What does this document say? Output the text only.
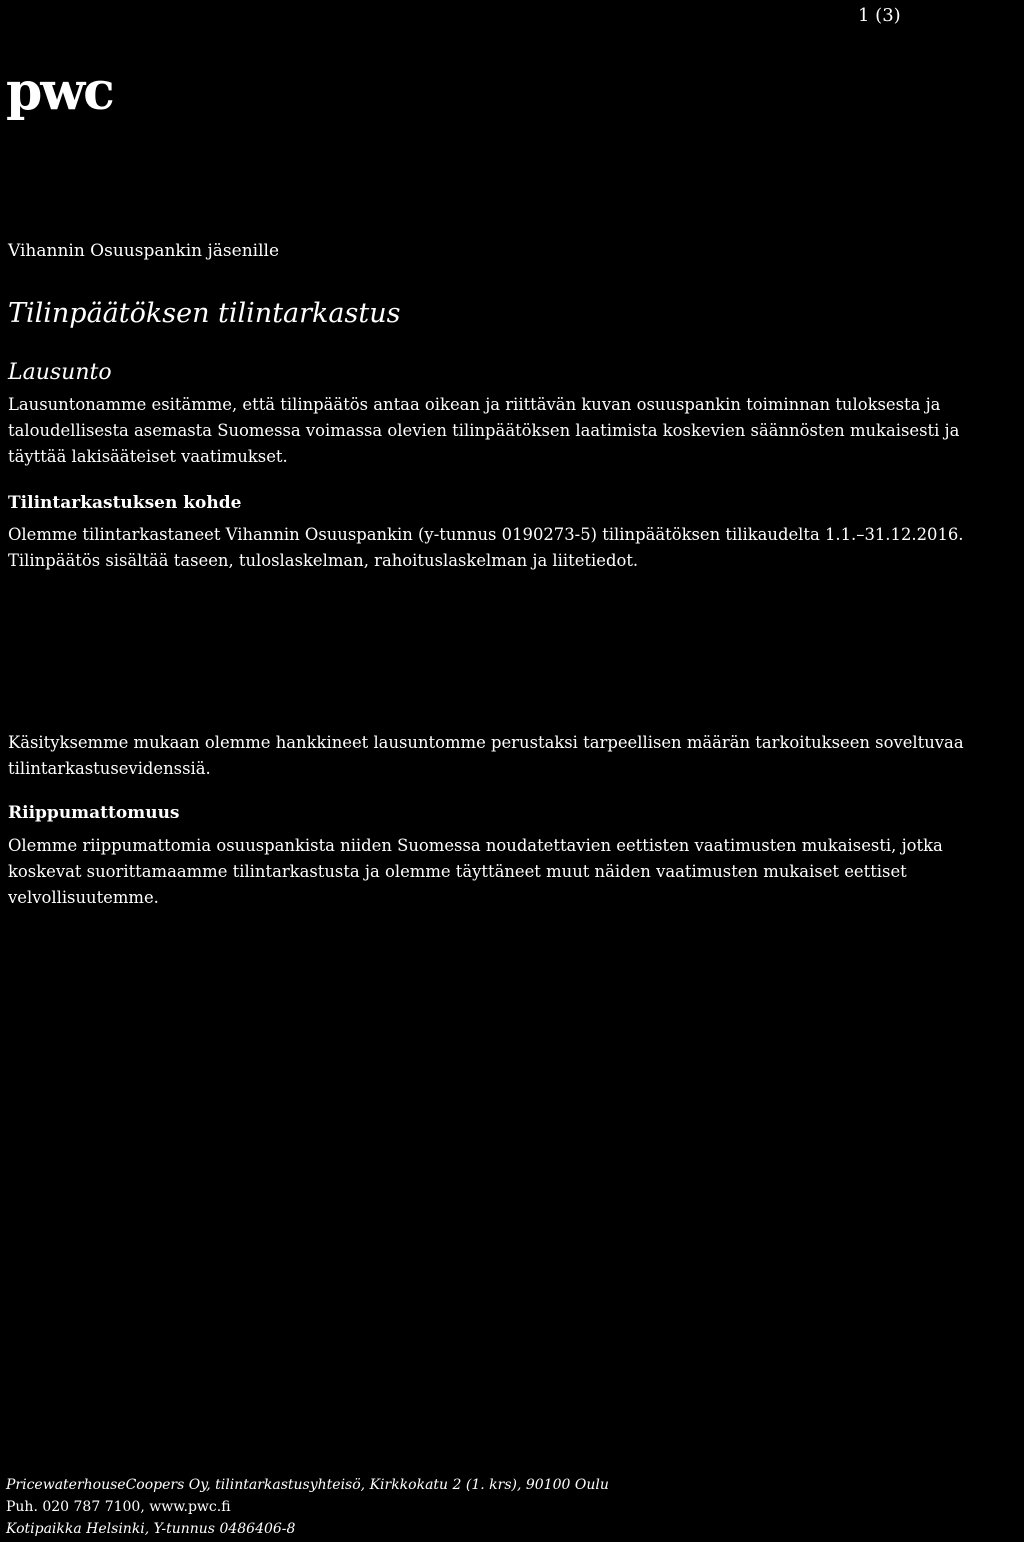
1 (3)
pwc
Vihannin Osuuspankin jäsenille
Tilinpäätöksen tilintarkastus
Lausunto

Lausuntonamme esitämme, että tilinpäätös antaa oikean ja riittävän kuvan osuuspankin toiminnan tuloksesta ja taloudellisesta asemasta Suomessa voimassa olevien tilinpäätöksen laatimista koskevien säännösten mukaisesti ja täyttää lakisääteiset vaatimukset.

Tilintarkastuksen kohde

Olemme tilintarkastaneet Vihannin Osuuspankin (y-tunnus 0190273-5) tilinpäätöksen tilikaudelta 1.1.–31.12.2016. Tilinpäätös sisältää taseen, tuloslaskelman, rahoituslaskelman ja liitetiedot.

Käsityksemme mukaan olemme hankkineet lausuntomme perustaksi tarpeellisen määrän tarkoitukseen soveltuvaa tilintarkastusevidenssiä.

Riippumattomuus

Olemme riippumattomia osuuspankista niiden Suomessa noudatettavien eettisten vaatimusten mukaisesti, jotka koskevat suorittamaamme tilintarkastusta ja olemme täyttäneet muut näiden vaatimusten mukaiset eettiset velvollisuutemme.

PricewaterhouseCoopers Oy, tilintarkastusyhteisö, Kirkkokatu 2 (1. krs), 90100 Oulu
Puh. 020 787 7100, www.pwc.fi
Kotipaikka Helsinki, Y-tunnus 0486406-8
